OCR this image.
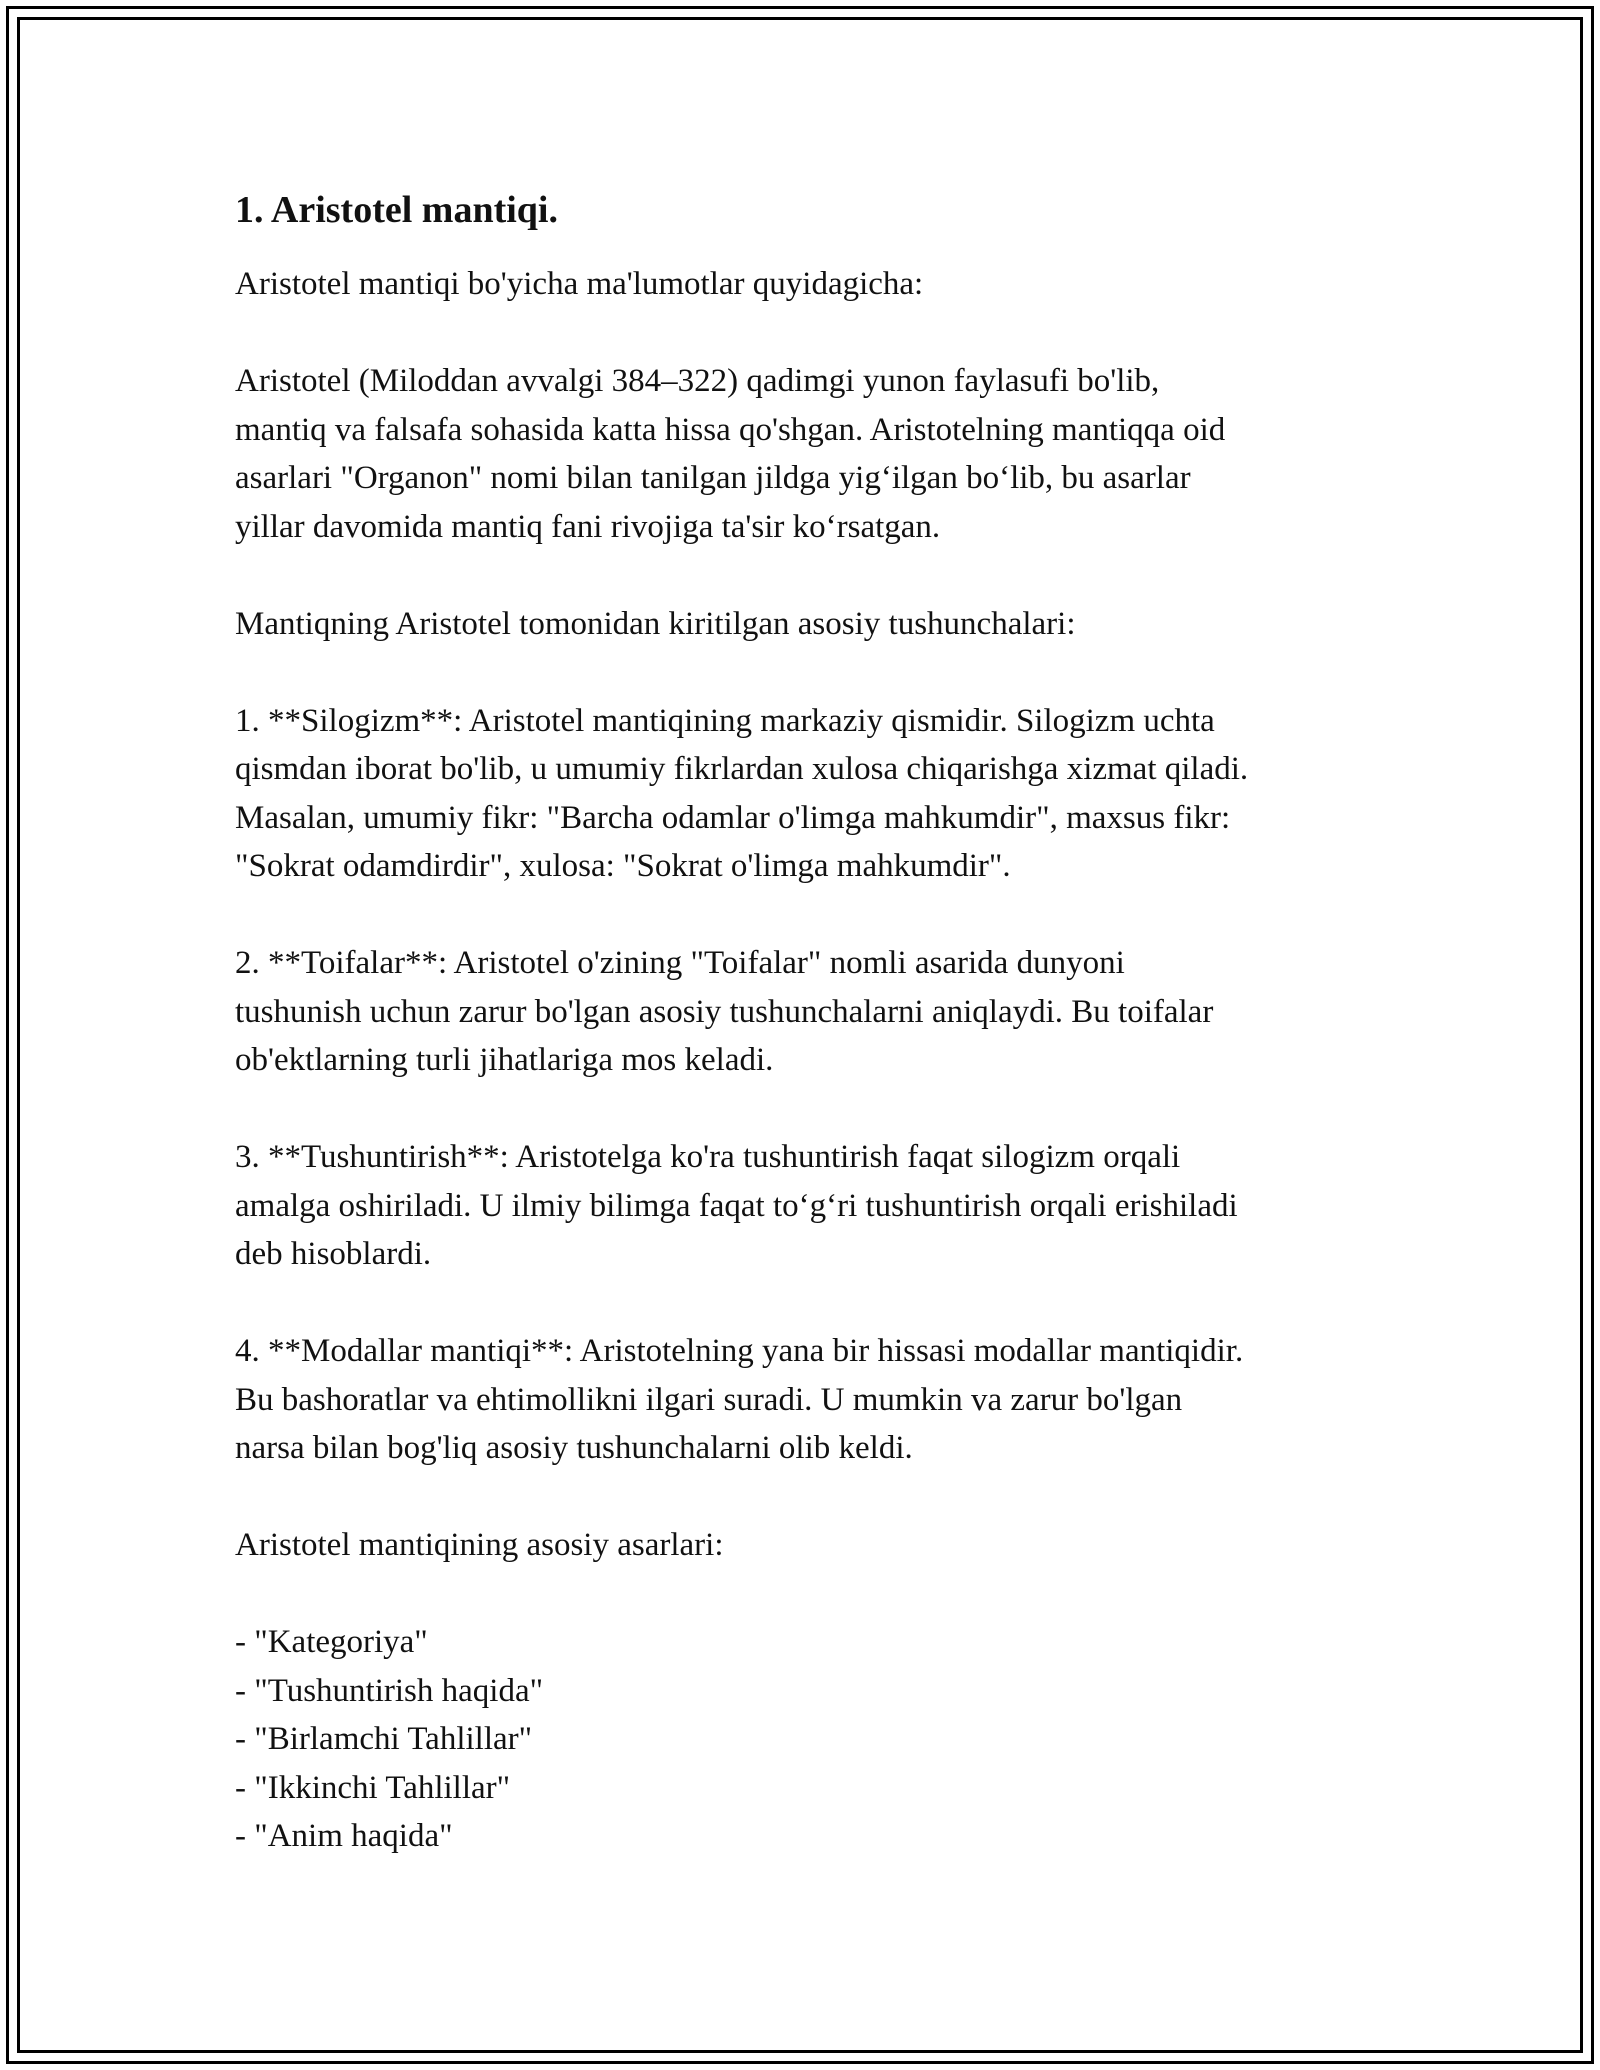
1. Aristotel mantiqi.

Aristotel mantiqi bo'yicha ma'lumotlar quyidagicha:

Aristotel (Miloddan avvalgi 384–322) qadimgi yunon faylasufi bo'lib,
mantiq va falsafa sohasida katta hissa qo'shgan. Aristotelning mantiqqa oid
asarlari "Organon" nomi bilan tanilgan jildga yig‘ilgan bo‘lib, bu asarlar
yillar davomida mantiq fani rivojiga ta'sir ko‘rsatgan.

Mantiqning Aristotel tomonidan kiritilgan asosiy tushunchalari:

1. **Silogizm**: Aristotel mantiqining markaziy qismidir. Silogizm uchta
qismdan iborat bo'lib, u umumiy fikrlardan xulosa chiqarishga xizmat qiladi.
Masalan, umumiy fikr: "Barcha odamlar o'limga mahkumdir", maxsus fikr:
"Sokrat odamdirdir", xulosa: "Sokrat o'limga mahkumdir".

2. **Toifalar**: Aristotel o'zining "Toifalar" nomli asarida dunyoni
tushunish uchun zarur bo'lgan asosiy tushunchalarni aniqlaydi. Bu toifalar
ob'ektlarning turli jihatlariga mos keladi.

3. **Tushuntirish**: Aristotelga ko'ra tushuntirish faqat silogizm orqali
amalga oshiriladi. U ilmiy bilimga faqat to‘g‘ri tushuntirish orqali erishiladi
deb hisoblardi.

4. **Modallar mantiqi**: Aristotelning yana bir hissasi modallar mantiqidir.
Bu bashoratlar va ehtimollikni ilgari suradi. U mumkin va zarur bo'lgan
narsa bilan bog'liq asosiy tushunchalarni olib keldi.

Aristotel mantiqining asosiy asarlari:

- "Kategoriya"
- "Tushuntirish haqida"
- "Birlamchi Tahlillar"
- "Ikkinchi Tahlillar"
- "Anim haqida"
